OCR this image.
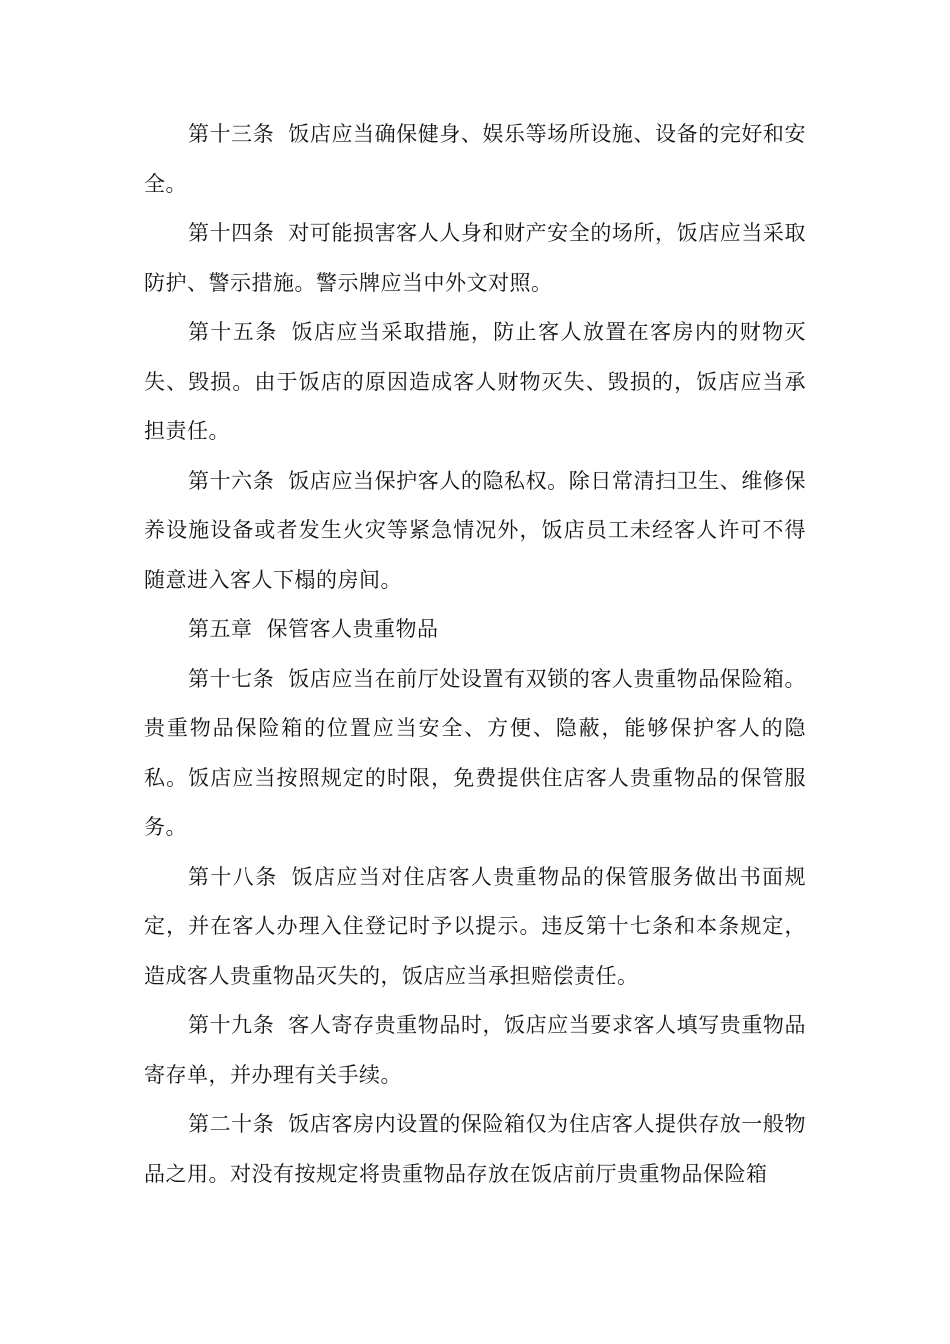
第十三条 饭店应当确保健身、娱乐等场所设施、设备的完好和安全。

第十四条 对可能损害客人人身和财产安全的场所，饭店应当采取防护、警示措施。警示牌应当中外文对照。

第十五条 饭店应当采取措施，防止客人放置在客房内的财物灭失、毁损。由于饭店的原因造成客人财物灭失、毁损的，饭店应当承担责任。

第十六条 饭店应当保护客人的隐私权。除日常清扫卫生、维修保养设施设备或者发生火灾等紧急情况外，饭店员工未经客人许可不得随意进入客人下榻的房间。

第五章 保管客人贵重物品

第十七条 饭店应当在前厅处设置有双锁的客人贵重物品保险箱。贵重物品保险箱的位置应当安全、方便、隐蔽，能够保护客人的隐私。饭店应当按照规定的时限，免费提供住店客人贵重物品的保管服务。

第十八条 饭店应当对住店客人贵重物品的保管服务做出书面规定，并在客人办理入住登记时予以提示。违反第十七条和本条规定，造成客人贵重物品灭失的，饭店应当承担赔偿责任。

第十九条 客人寄存贵重物品时，饭店应当要求客人填写贵重物品寄存单，并办理有关手续。

第二十条 饭店客房内设置的保险箱仅为住店客人提供存放一般物品之用。对没有按规定将贵重物品存放在饭店前厅贵重物品保险箱
